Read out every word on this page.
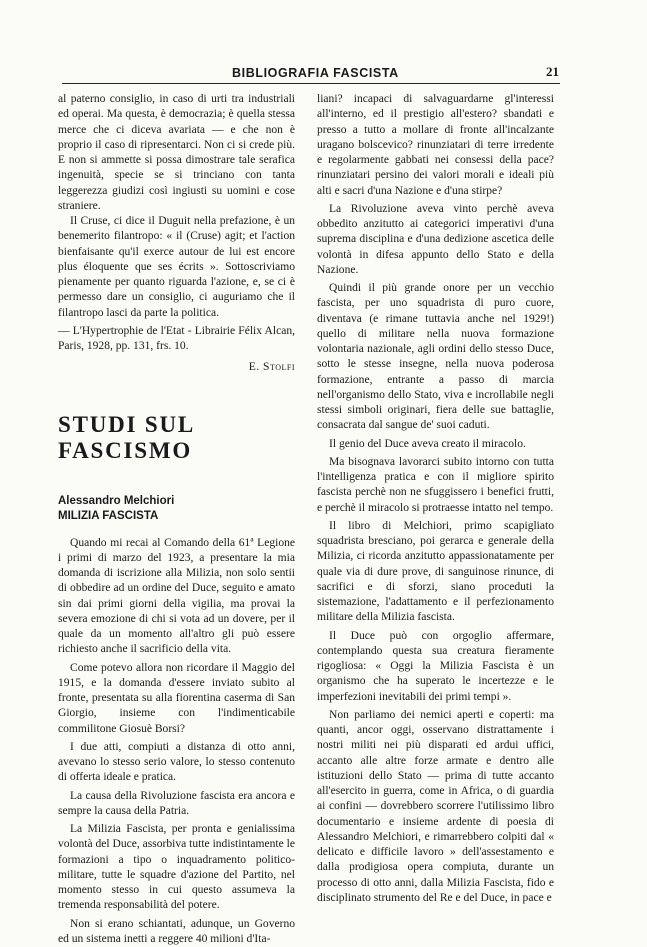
BIBLIOGRAFIA FASCISTA	21

al paterno consiglio, in caso di urti tra industriali ed operai. Ma questa, è democrazia; è quella stessa merce che ci diceva avariata — e che non è proprio il caso di ripresentarci. Non ci si crede più. E non si ammette si possa dimostrare tale serafica ingenuità, specie se si trinciano con tanta leggerezza giudizi così ingiusti su uomini e cose straniere.

Il Cruse, ci dice il Duguit nella prefazione, è un benemerito filantropo: « il (Cruse) agit; et l'action bienfaisante qu'il exerce autour de lui est encore plus éloquente que ses écrits ». Sottoscriviamo pienamente per quanto riguarda l'azione, e, se ci è permesso dare un consiglio, ci auguriamo che il filantropo lasci da parte la politica.

— L'Hypertrophie de l'Etat - Librairie Félix Alcan, Paris, 1928, pp. 131, frs. 10.

E. Stolfi

STUDI SUL FASCISMO
Alessandro Melchiori
MILIZIA FASCISTA

Quando mi recai al Comando della 61ª Legione i primi di marzo del 1923, a presentare la mia domanda di iscrizione alla Milizia, non solo sentii di obbedire ad un ordine del Duce, seguito e amato sin dai primi giorni della vigilia, ma provai la severa emozione di chi si vota ad un dovere, per il quale da un momento all'altro gli può essere richiesto anche il sacrificio della vita.

Come potevo allora non ricordare il Maggio del 1915, e la domanda d'essere inviato subito al fronte, presentata su alla fiorentina caserma di San Giorgio, insieme con l'indimenticabile commilitone Giosuè Borsi?

I due atti, compiuti a distanza di otto anni, avevano lo stesso serio valore, lo stesso contenuto di offerta ideale e pratica.

La causa della Rivoluzione fascista era ancora e sempre la causa della Patria.

La Milizia Fascista, per pronta e genialissima volontà del Duce, assorbiva tutte indistintamente le formazioni a tipo o inquadramento politico-militare, tutte le squadre d'azione del Partito, nel momento stesso in cui questo assumeva la tremenda responsabilità del potere.

Non si erano schiantati, adunque, un Governo ed un sistema inetti a reggere 40 milioni d'Ita-

liani? incapaci di salvaguardarne gl'interessi all'interno, ed il prestigio all'estero? sbandati e presso a tutto a mollare di fronte all'incalzante uragano bolscevico? rinunziatari di terre irredente e regolarmente gabbati nei consessi della pace? rinunziatari persino dei valori morali e ideali più alti e sacri d'una Nazione e d'una stirpe?

La Rivoluzione aveva vinto perchè aveva obbedito anzitutto ai categorici imperativi d'una suprema disciplina e d'una dedizione ascetica delle volontà in difesa appunto dello Stato e della Nazione.

Quindi il più grande onore per un vecchio fascista, per uno squadrista di puro cuore, diventava (e rimane tuttavia anche nel 1929!) quello di militare nella nuova formazione volontaria nazionale, agli ordini dello stesso Duce, sotto le stesse insegne, nella nuova poderosa formazione, entrante a passo di marcia nell'organismo dello Stato, viva e incrollabile negli stessi simboli originari, fiera delle sue battaglie, consacrata dal sangue de' suoi caduti.

Il genio del Duce aveva creato il miracolo.

Ma bisognava lavorarci subito intorno con tutta l'intelligenza pratica e con il migliore spirito fascista perchè non ne sfuggissero i benefici frutti, e perchè il miracolo si protraesse intatto nel tempo.

Il libro di Melchiori, primo scapigliato squadrista bresciano, poi gerarca e generale della Milizia, ci ricorda anzitutto appassionatamente per quale via di dure prove, di sanguinose rinunce, di sacrifici e di sforzi, siano proceduti la sistemazione, l'adattamento e il perfezionamento militare della Milizia fascista.

Il Duce può con orgoglio affermare, contemplando questa sua creatura fieramente rigogliosa: « Oggi la Milizia Fascista è un organismo che ha superato le incertezze e le imperfezioni inevitabili dei primi tempi ».

Non parliamo dei nemici aperti e coperti: ma quanti, ancor oggi, osservano distrattamente i nostri militi nei più disparati ed ardui uffici, accanto alle altre forze armate e dentro alle istituzioni dello Stato — prima di tutte accanto all'esercito in guerra, come in Africa, o di guardia ai confini — dovrebbero scorrere l'utilissimo libro documentario e insieme ardente di poesia di Alessandro Melchiori, e rimarrebbero colpiti dal « delicato e difficile lavoro » dell'assestamento e dalla prodigiosa opera compiuta, durante un processo di otto anni, dalla Milizia Fascista, fido e disciplinato strumento del Re e del Duce, in pace e
